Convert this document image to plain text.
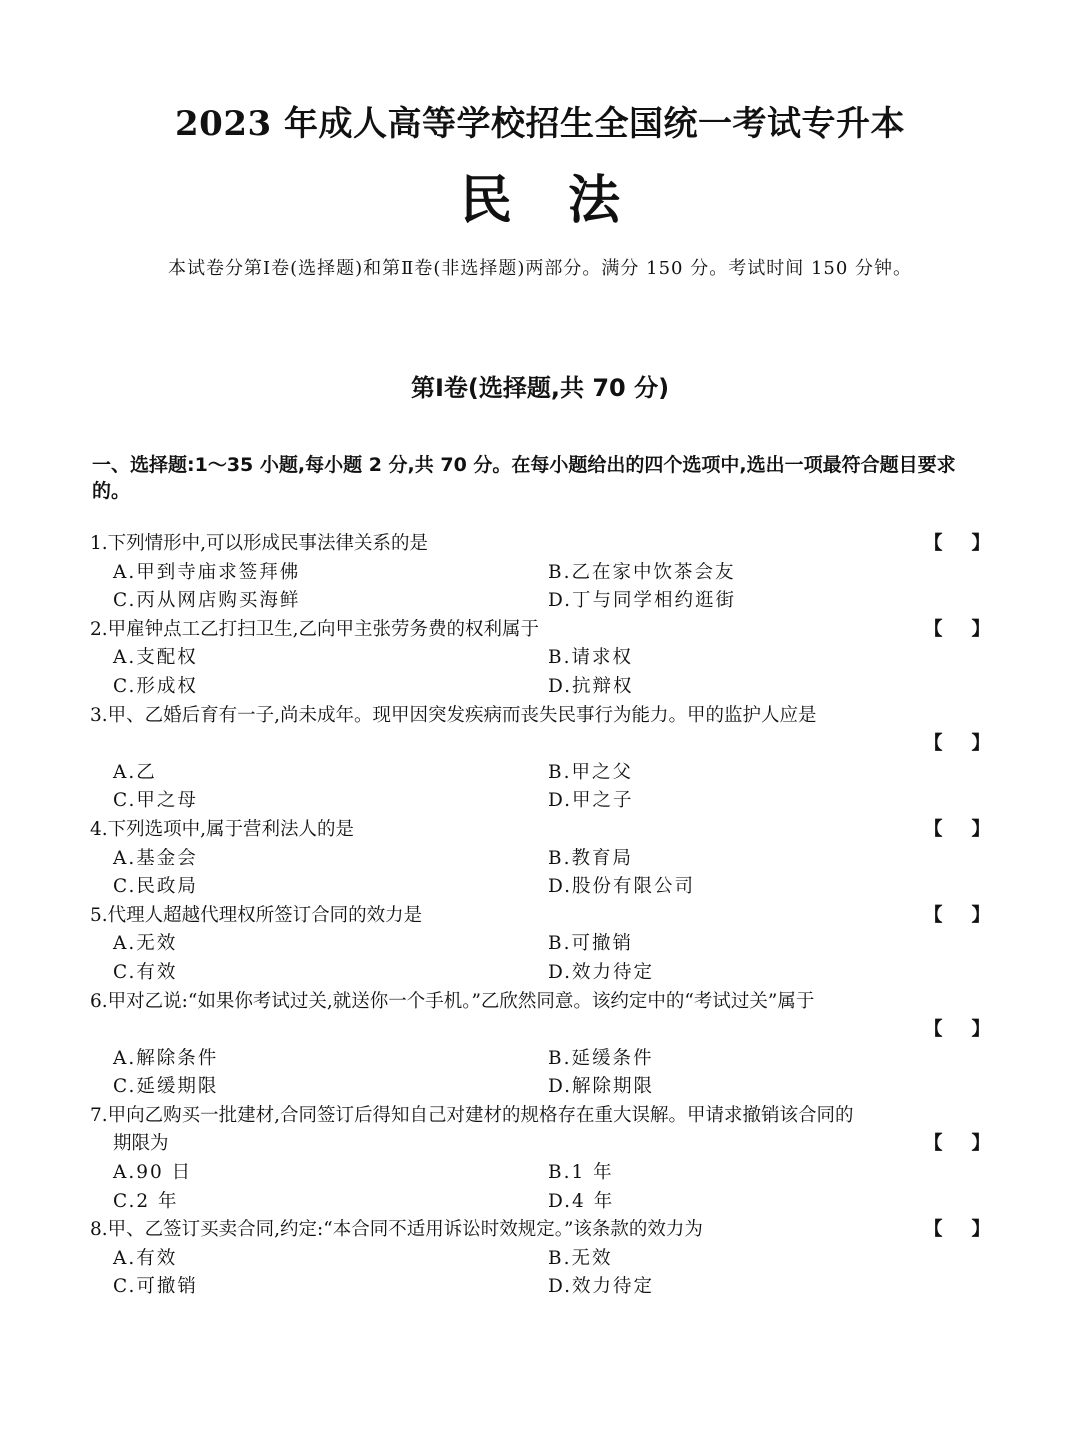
2023 年成人高等学校招生全国统一考试专升本
民法
本试卷分第Ⅰ卷(选择题)和第Ⅱ卷(非选择题)两部分。满分 150 分。考试时间 150 分钟。
第Ⅰ卷(选择题,共 70 分)
一、选择题:1～35 小题,每小题 2 分,共 70 分。在每小题给出的四个选项中,选出一项最符合题目要求的。
1.下列情形中,可以形成民事法律关系的是	【 】
A.甲到寺庙求签拜佛	B.乙在家中饮茶会友
C.丙从网店购买海鲜	D.丁与同学相约逛街
2.甲雇钟点工乙打扫卫生,乙向甲主张劳务费的权利属于	【 】
A.支配权	B.请求权
C.形成权	D.抗辩权
3.甲、乙婚后育有一子,尚未成年。现甲因突发疾病而丧失民事行为能力。甲的监护人应是
【 】
A.乙	B.甲之父
C.甲之母	D.甲之子
4.下列选项中,属于营利法人的是	【 】
A.基金会	B.教育局
C.民政局	D.股份有限公司
5.代理人超越代理权所签订合同的效力是	【 】
A.无效	B.可撤销
C.有效	D.效力待定
6.甲对乙说:“如果你考试过关,就送你一个手机。”乙欣然同意。该约定中的“考试过关”属于
【 】
A.解除条件	B.延缓条件
C.延缓期限	D.解除期限
7.甲向乙购买一批建材,合同签订后得知自己对建材的规格存在重大误解。甲请求撤销该合同的
期限为	【 】
A.90 日	B.1 年
C.2 年	D.4 年
8.甲、乙签订买卖合同,约定:“本合同不适用诉讼时效规定。”该条款的效力为	【 】
A.有效	B.无效
C.可撤销	D.效力待定
